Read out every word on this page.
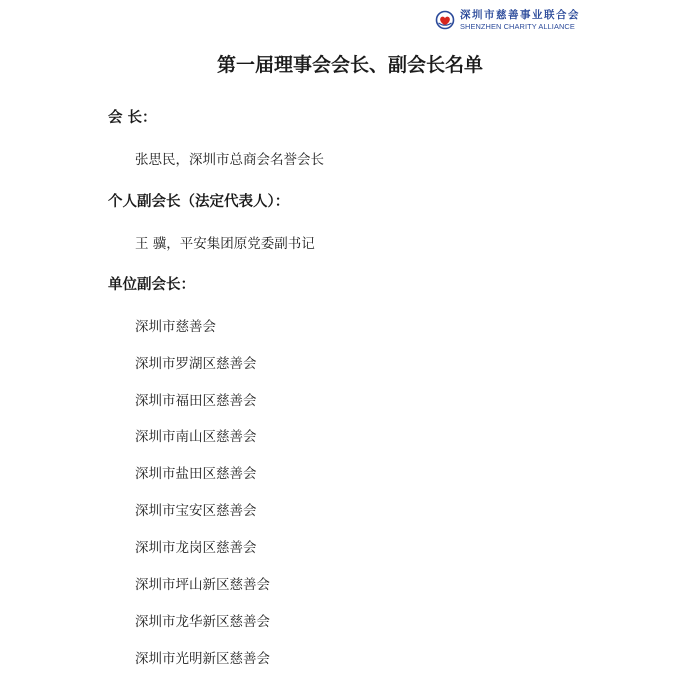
深圳市慈善事业联合会
SHENZHEN CHARITY ALLIANCE
第一届理事会会长、副会长名单

会 长：

张思民，深圳市总商会名誉会长

个人副会长（法定代表人）：

王 骥，平安集团原党委副书记

单位副会长：

深圳市慈善会

深圳市罗湖区慈善会

深圳市福田区慈善会

深圳市南山区慈善会

深圳市盐田区慈善会

深圳市宝安区慈善会

深圳市龙岗区慈善会

深圳市坪山新区慈善会

深圳市龙华新区慈善会

深圳市光明新区慈善会
